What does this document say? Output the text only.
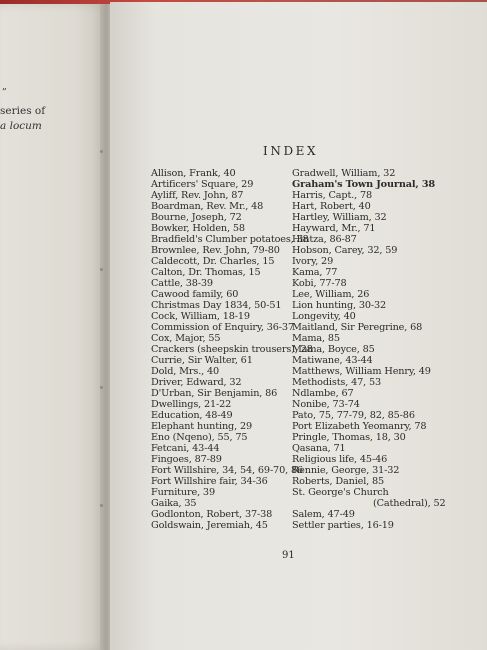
”
series of
a locum
INDEX
Allison, Frank, 40
Artificers' Square, 29
Ayliff, Rev. John, 87
Boardman, Rev. Mr., 48
Bourne, Joseph, 72
Bowker, Holden, 58
Bradfield's Clumber potatoes, 38
Brownlee, Rev. John, 79-80
Caldecott, Dr. Charles, 15
Calton, Dr. Thomas, 15
Cattle, 38-39
Cawood family, 60
Christmas Day 1834, 50-51
Cock, William, 18-19
Commission of Enquiry, 36-37
Cox, Major, 55
Crackers (sheepskin trousers), 28
Currie, Sir Walter, 61
Dold, Mrs., 40
Driver, Edward, 32
D'Urban, Sir Benjamin, 86
Dwellings, 21-22
Education, 48-49
Elephant hunting, 29
Eno (Nqeno), 55, 75
Fetcani, 43-44
Fingoes, 87-89
Fort Willshire, 34, 54, 69-70, 86
Fort Willshire fair, 34-36
Furniture, 39
Gaika, 35
Godlonton, Robert, 37-38
Goldswain, Jeremiah, 45
Gradwell, William, 32
Graham's Town Journal, 38
Harris, Capt., 78
Hart, Robert, 40
Hartley, William, 32
Hayward, Mr., 71
Hintza, 86-87
Hobson, Carey, 32, 59
Ivory, 29
Kama, 77
Kobi, 77-78
Lee, William, 26
Lion hunting, 30-32
Longevity, 40
Maitland, Sir Peregrine, 68
Mama, 85
Mama, Boyce, 85
Matiwane, 43-44
Matthews, William Henry, 49
Methodists, 47, 53
Ndlambe, 67
Nonibe, 73-74
Pato, 75, 77-79, 82, 85-86
Port Elizabeth Yeomanry, 78
Pringle, Thomas, 18, 30
Qasana, 71
Religious life, 45-46
Rennie, George, 31-32
Roberts, Daniel, 85
St. George's Church
(Cathedral), 52
Salem, 47-49
Settler parties, 16-19
91
